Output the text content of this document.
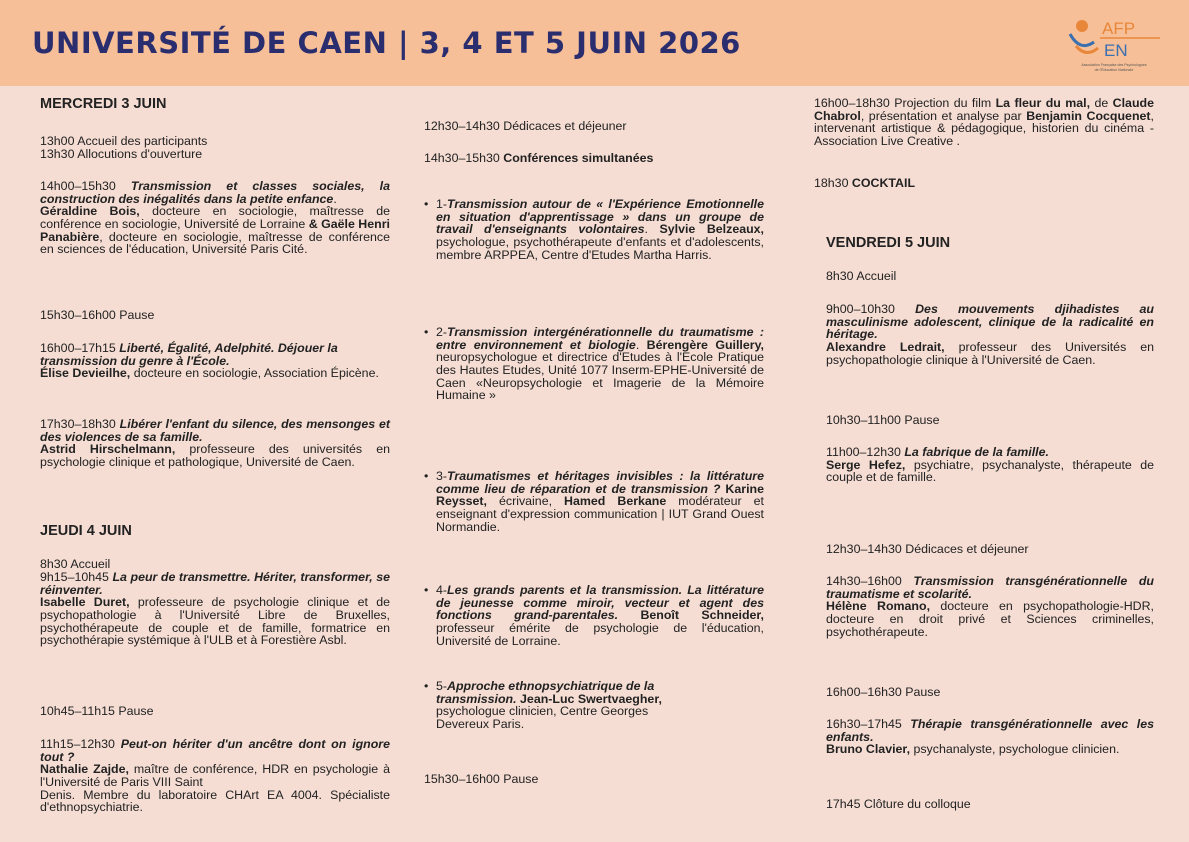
UNIVERSITÉ DE CAEN | 3, 4 ET 5 JUIN 2026	AFP
EN
Association Française des Psychologues
de l'Éducation Nationale
MERCREDI 3 JUIN
13h00 Accueil des participants
13h30 Allocutions d'ouverture
14h00–15h30 Transmission et classes sociales, la construction des inégalités dans la petite enfance.
Géraldine Bois, docteure en sociologie, maîtresse de conférence en sociologie, Université de Lorraine & Gaële Henri Panabière, docteure en sociologie, maîtresse de conférence en sciences de l'éducation, Université Paris Cité.
15h30–16h00 Pause
16h00–17h15 Liberté, Égalité, Adelphité. Déjouer la transmission du genre à l'École.
Élise Devieilhe, docteure en sociologie, Association Épicène.
17h30–18h30 Libérer l'enfant du silence, des mensonges et des violences de sa famille.
Astrid Hirschelmann, professeure des universités en psychologie clinique et pathologique, Université de Caen.
JEUDI 4 JUIN
8h30 Accueil
9h15–10h45 La peur de transmettre. Hériter, transformer, se réinventer.
Isabelle Duret, professeure de psychologie clinique et de psychopathologie à l'Université Libre de Bruxelles, psychothérapeute de couple et de famille, formatrice en psychothérapie systémique à l'ULB et à Forestière Asbl.
10h45–11h15 Pause
11h15–12h30 Peut-on hériter d'un ancêtre dont on ignore tout ?
Nathalie Zajde, maître de conférence, HDR en psychologie à l'Université de Paris VIII Saint
Denis. Membre du laboratoire CHArt EA 4004. Spécialiste d'ethnopsychiatrie.
12h30–14h30 Dédicaces et déjeuner
14h30–15h30 Conférences simultanées
• 1-Transmission autour de « l'Expérience Emotionnelle en situation d'apprentissage » dans un groupe de travail d'enseignants volontaires. Sylvie Belzeaux, psychologue, psychothérapeute d'enfants et d'adolescents, membre ARPPEA, Centre d'Etudes Martha Harris.
• 2-Transmission intergénérationnelle du traumatisme : entre environnement et biologie. Bérengère Guillery, neuropsychologue et directrice d'Etudes à l'Ecole Pratique des Hautes Etudes, Unité 1077 Inserm-EPHE-Université de Caen «Neuropsychologie et Imagerie de la Mémoire Humaine »
• 3-Traumatismes et héritages invisibles : la littérature comme lieu de réparation et de transmission ? Karine Reysset, écrivaine, Hamed Berkane modérateur et enseignant d'expression communication | IUT Grand Ouest Normandie.
• 4-Les grands parents et la transmission. La littérature de jeunesse comme miroir, vecteur et agent des fonctions grand-parentales. Benoît Schneider, professeur émérite de psychologie de l'éducation, Université de Lorraine.
• 5-Approche ethnopsychiatrique de la transmission. Jean-Luc Swertvaegher, psychologue clinicien, Centre Georges Devereux Paris.
15h30–16h00 Pause
16h00–18h30 Projection du film La fleur du mal, de Claude Chabrol, présentation et analyse par Benjamin Cocquenet, intervenant artistique & pédagogique, historien du cinéma - Association Live Creative .
18h30 COCKTAIL
VENDREDI 5 JUIN
8h30 Accueil
9h00–10h30 Des mouvements djihadistes au masculinisme adolescent, clinique de la radicalité en héritage.
Alexandre Ledrait, professeur des Universités en psychopathologie clinique à l'Université de Caen.
10h30–11h00 Pause
11h00–12h30 La fabrique de la famille.
Serge Hefez, psychiatre, psychanalyste, thérapeute de couple et de famille.
12h30–14h30 Dédicaces et déjeuner
14h30–16h00 Transmission transgénérationnelle du traumatisme et scolarité.
Hélène Romano, docteure en psychopathologie-HDR, docteure en droit privé et Sciences criminelles, psychothérapeute.
16h00–16h30 Pause
16h30–17h45 Thérapie transgénérationnelle avec les enfants.
Bruno Clavier, psychanalyste, psychologue clinicien.
17h45 Clôture du colloque
